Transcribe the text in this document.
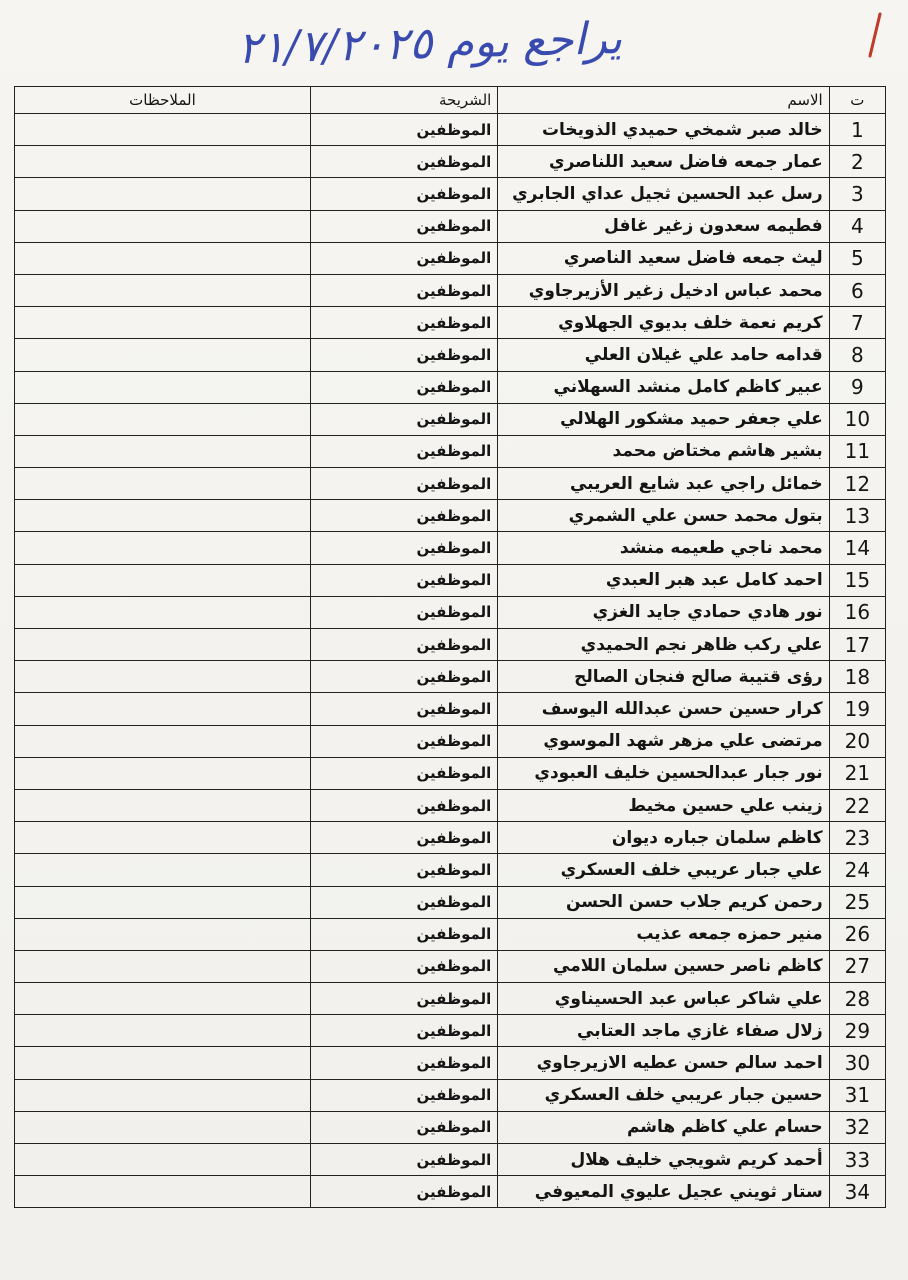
يراجع يوم ٢١/٧/٢٠٢٥
ت	الاسم	الشريحة	الملاحظات
1	خالد صبر شمخي حميدي الذويخات	الموظفين	
2	عمار جمعه فاضل سعيد اللناصري	الموظفين	
3	رسل عبد الحسين ثجيل عداي الجابري	الموظفين	
4	فطيمه سعدون زغير غافل	الموظفين	
5	ليث جمعه فاضل سعيد الناصري	الموظفين	
6	محمد عباس ادخيل زغير الأزيرجاوي	الموظفين	
7	كريم نعمة خلف بديوي الجهلاوي	الموظفين	
8	قدامه حامد علي غيلان العلي	الموظفين	
9	عبير كاظم كامل منشد السهلاني	الموظفين	
10	علي جعفر حميد مشكور الهلالي	الموظفين	
11	بشير هاشم مختاض محمد	الموظفين	
12	خمائل راجي عبد شايع العريبي	الموظفين	
13	بتول محمد حسن علي الشمري	الموظفين	
14	محمد ناجي طعيمه منشد	الموظفين	
15	احمد كامل عبد هبر العبدي	الموظفين	
16	نور هادي حمادي جايد الغزي	الموظفين	
17	علي ركب ظاهر نجم الحميدي	الموظفين	
18	رؤى قتيبة صالح فنجان الصالح	الموظفين	
19	كرار حسين حسن عبدالله اليوسف	الموظفين	
20	مرتضى علي مزهر شهد الموسوي	الموظفين	
21	نور جبار عبدالحسين خليف العبودي	الموظفين	
22	زينب علي حسين مخيط	الموظفين	
23	كاظم سلمان جباره ديوان	الموظفين	
24	علي جبار عريبي خلف العسكري	الموظفين	
25	رحمن كريم جلاب حسن الحسن	الموظفين	
26	منير حمزه جمعه عذيب	الموظفين	
27	كاظم ناصر حسين سلمان اللامي	الموظفين	
28	علي شاكر عباس عبد الحسيناوي	الموظفين	
29	زلال صفاء غازي ماجد العتابي	الموظفين	
30	احمد سالم حسن عطيه الازيرجاوي	الموظفين	
31	حسين جبار عريبي خلف العسكري	الموظفين	
32	حسام علي كاظم هاشم	الموظفين	
33	أحمد كريم شويجي خليف هلال	الموظفين	
34	ستار ثويني عجيل عليوي المعيوفي	الموظفين	
